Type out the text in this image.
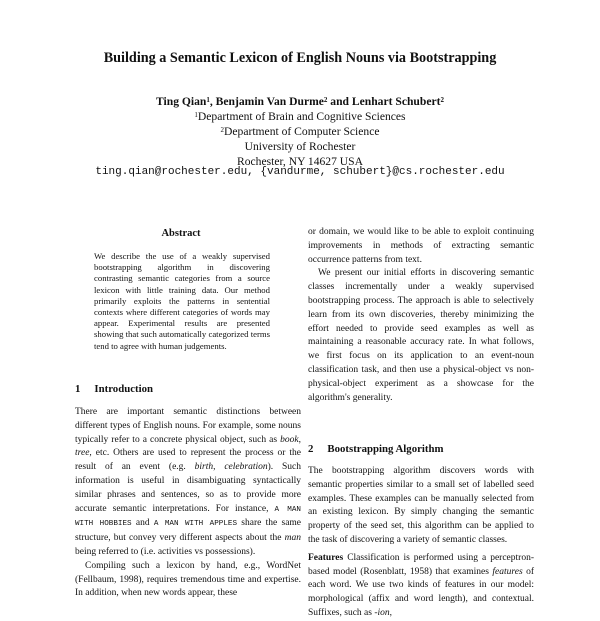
Building a Semantic Lexicon of English Nouns via Bootstrapping
Ting Qian$^1$, Benjamin Van Durme$^2$ and Lenhart Schubert$^2$
$^1$Department of Brain and Cognitive Sciences
$^2$Department of Computer Science
University of Rochester
Rochester, NY 14627 USA
ting.qian@rochester.edu, {vandurme, schubert}@cs.rochester.edu
Abstract
We describe the use of a weakly supervised bootstrapping algorithm in discovering contrasting semantic categories from a source lexicon with little training data. Our method primarily exploits the patterns in sentential contexts where different categories of words may appear. Experimental results are presented showing that such automatically categorized terms tend to agree with human judgements.
1 Introduction

There are important semantic distinctions between different types of English nouns. For example, some nouns typically refer to a concrete physical object, such as book, tree, etc. Others are used to represent the process or the result of an event (e.g. birth, celebration). Such information is useful in disambiguating syntactically similar phrases and sentences, so as to provide more accurate semantic interpretations. For instance, A MAN WITH HOBBIES and A MAN WITH APPLES share the same structure, but convey very different aspects about the man being referred to (i.e. activities vs possessions).

Compiling such a lexicon by hand, e.g., WordNet (Fellbaum, 1998), requires tremendous time and expertise. In addition, when new words appear, these

or domain, we would like to be able to exploit continuing improvements in methods of extracting semantic occurrence patterns from text.

We present our initial efforts in discovering semantic classes incrementally under a weakly supervised bootstrapping process. The approach is able to selectively learn from its own discoveries, thereby minimizing the effort needed to provide seed examples as well as maintaining a reasonable accuracy rate. In what follows, we first focus on its application to an event-noun classification task, and then use a physical-object vs non-physical-object experiment as a showcase for the algorithm's generality.

2 Bootstrapping Algorithm

The bootstrapping algorithm discovers words with semantic properties similar to a small set of labelled seed examples. These examples can be manually selected from an existing lexicon. By simply changing the semantic property of the seed set, this algorithm can be applied to the task of discovering a variety of semantic classes.

Features Classification is performed using a perceptron-based model (Rosenblatt, 1958) that examines features of each word. We use two kinds of features in our model: morphological (affix and word length), and contextual. Suffixes, such as -ion,
